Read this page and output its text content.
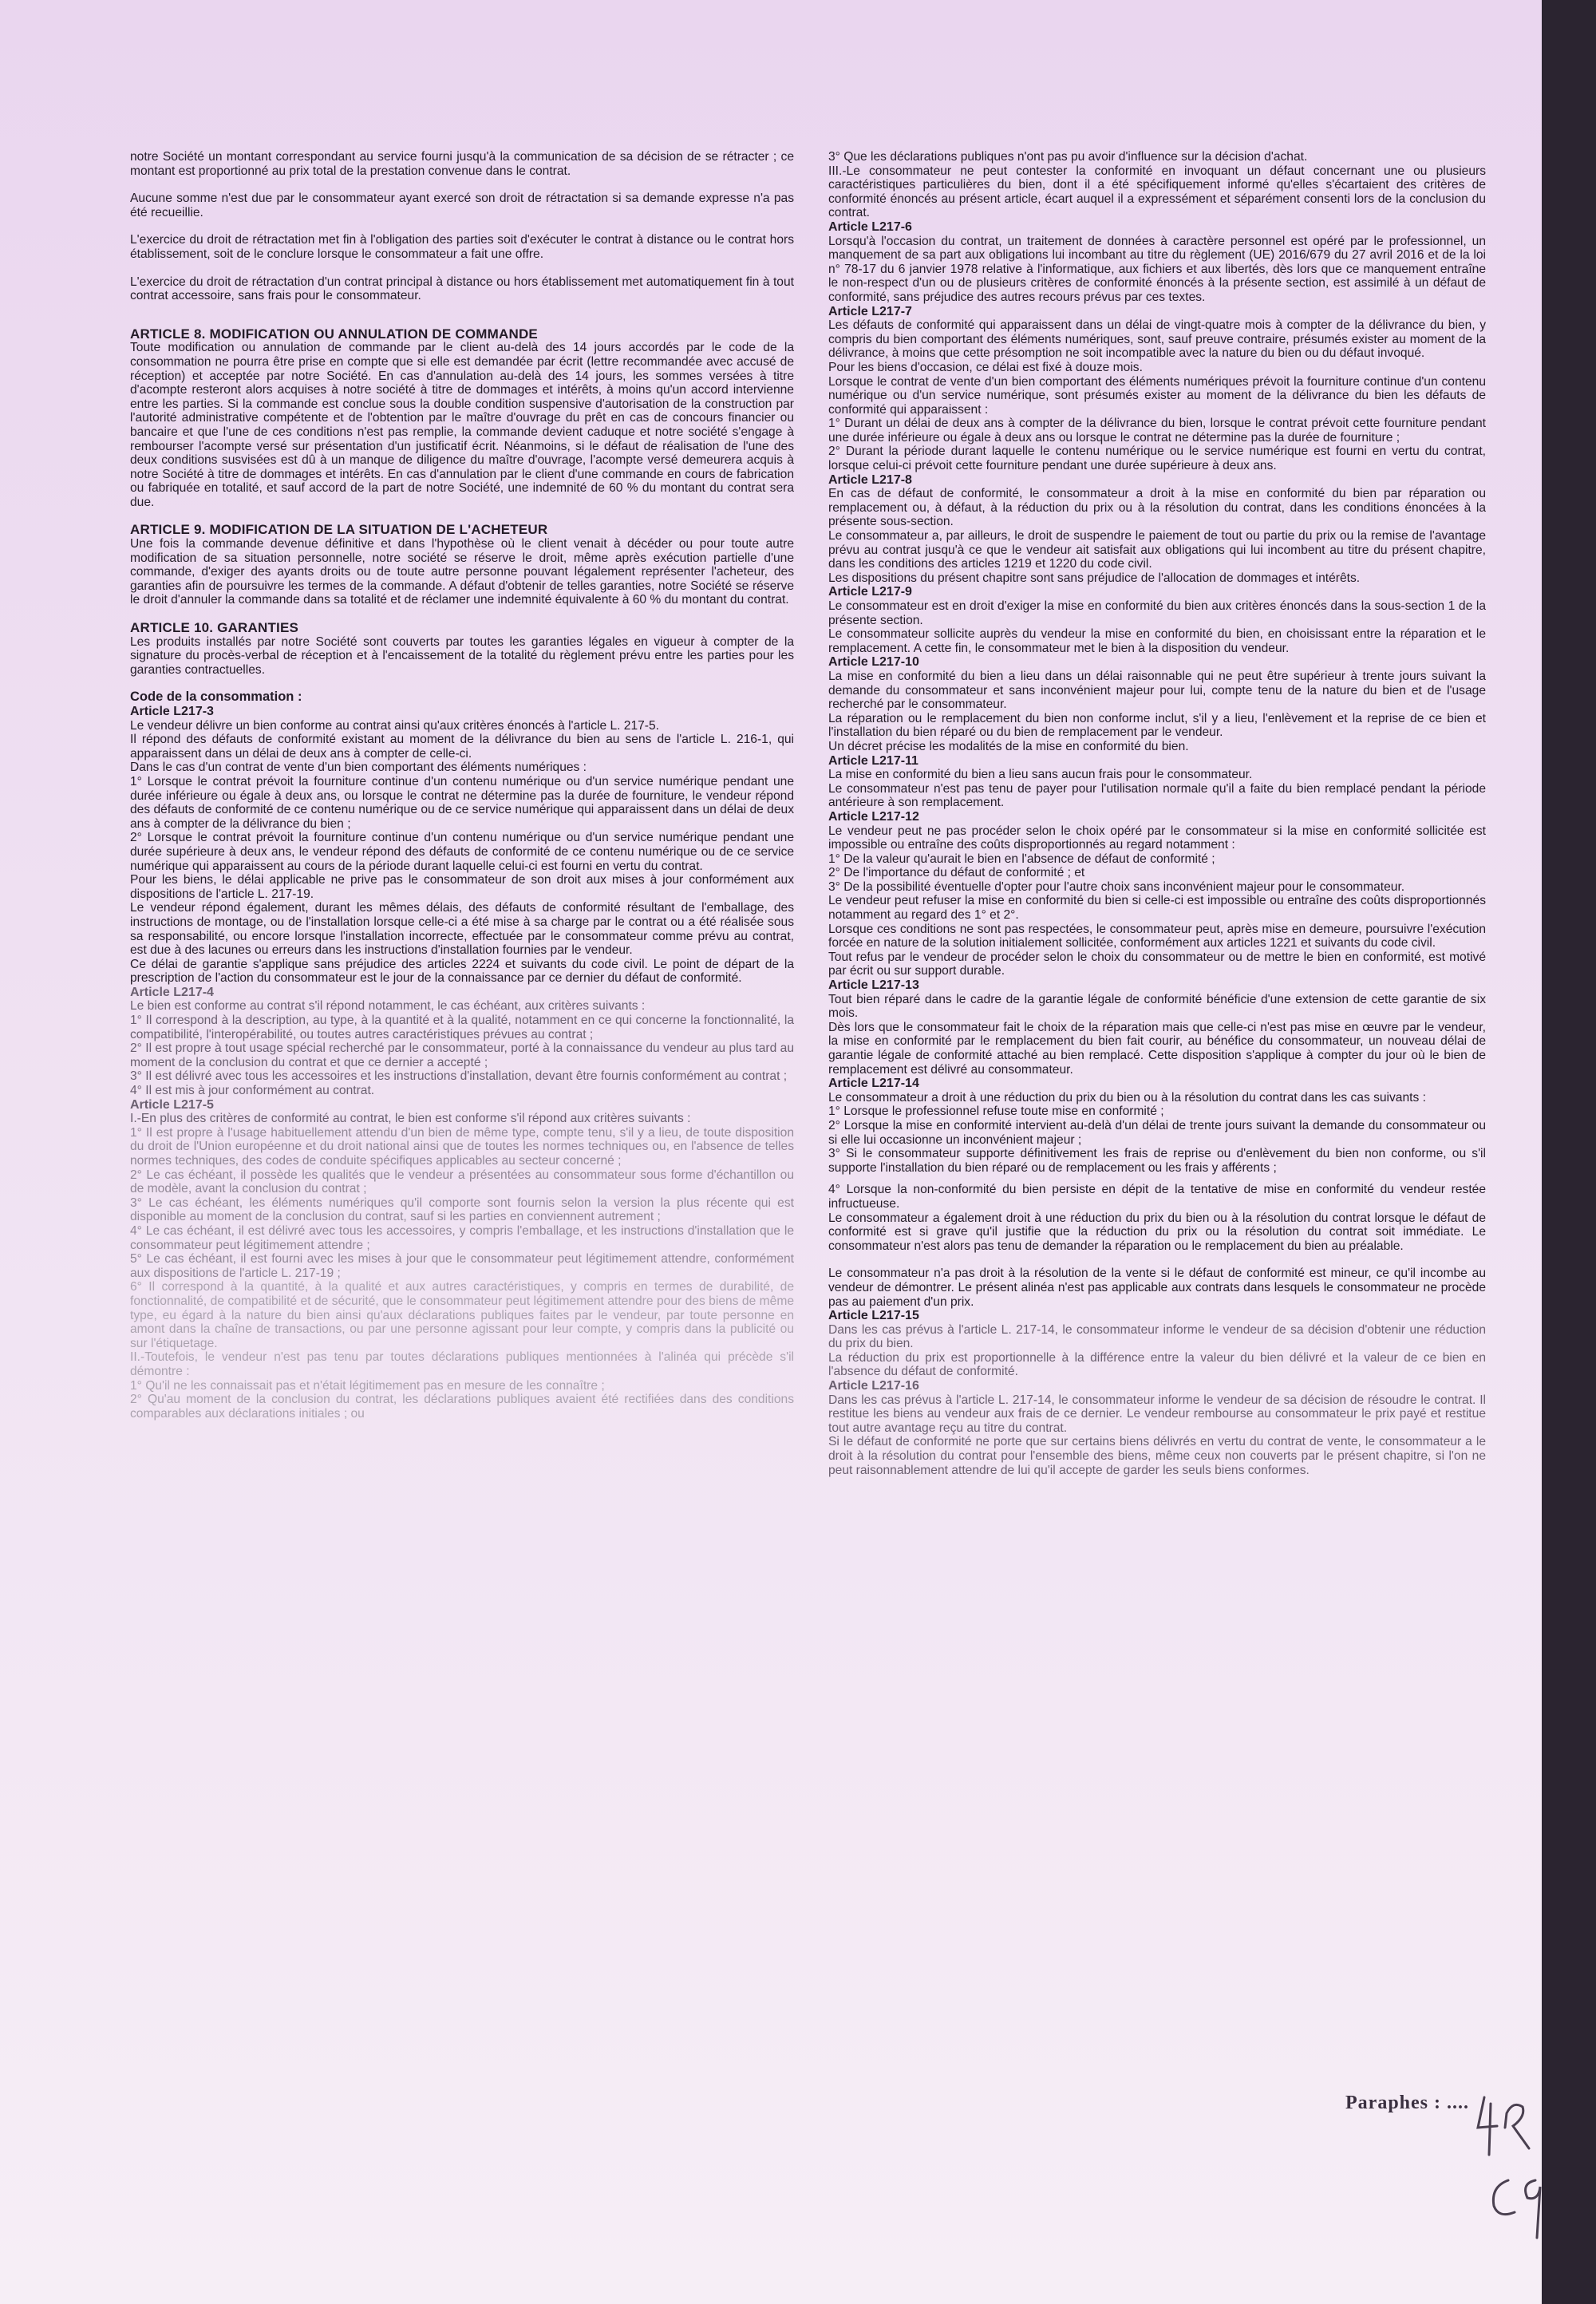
notre Société un montant correspondant au service fourni jusqu'à la communication de sa décision de se rétracter ; ce montant est proportionné au prix total de la prestation convenue dans le contrat.

Aucune somme n'est due par le consommateur ayant exercé son droit de rétractation si sa demande expresse n'a pas été recueillie.

L'exercice du droit de rétractation met fin à l'obligation des parties soit d'exécuter le contrat à distance ou le contrat hors établissement, soit de le conclure lorsque le consommateur a fait une offre.

L'exercice du droit de rétractation d'un contrat principal à distance ou hors établissement met automatiquement fin à tout contrat accessoire, sans frais pour le consommateur.

ARTICLE 8. MODIFICATION OU ANNULATION DE COMMANDE

Toute modification ou annulation de commande par le client au-delà des 14 jours accordés par le code de la consommation ne pourra être prise en compte que si elle est demandée par écrit (lettre recommandée avec accusé de réception) et acceptée par notre Société. En cas d'annulation au-delà des 14 jours, les sommes versées à titre d'acompte resteront alors acquises à notre société à titre de dommages et intérêts, à moins qu'un accord intervienne entre les parties. Si la commande est conclue sous la double condition suspensive d'autorisation de la construction par l'autorité administrative compétente et de l'obtention par le maître d'ouvrage du prêt en cas de concours financier ou bancaire et que l'une de ces conditions n'est pas remplie, la commande devient caduque et notre société s'engage à rembourser l'acompte versé sur présentation d'un justificatif écrit. Néanmoins, si le défaut de réalisation de l'une des deux conditions susvisées est dû à un manque de diligence du maître d'ouvrage, l'acompte versé demeurera acquis à notre Société à titre de dommages et intérêts. En cas d'annulation par le client d'une commande en cours de fabrication ou fabriquée en totalité, et sauf accord de la part de notre Société, une indemnité de 60 % du montant du contrat sera due.

ARTICLE 9. MODIFICATION DE LA SITUATION DE L'ACHETEUR

Une fois la commande devenue définitive et dans l'hypothèse où le client venait à décéder ou pour toute autre modification de sa situation personnelle, notre société se réserve le droit, même après exécution partielle d'une commande, d'exiger des ayants droits ou de toute autre personne pouvant légalement représenter l'acheteur, des garanties afin de poursuivre les termes de la commande. A défaut d'obtenir de telles garanties, notre Société se réserve le droit d'annuler la commande dans sa totalité et de réclamer une indemnité équivalente à 60 % du montant du contrat.

ARTICLE 10. GARANTIES

Les produits installés par notre Société sont couverts par toutes les garanties légales en vigueur à compter de la signature du procès-verbal de réception et à l'encaissement de la totalité du règlement prévu entre les parties pour les garanties contractuelles.

Code de la consommation :

Article L217-3

Le vendeur délivre un bien conforme au contrat ainsi qu'aux critères énoncés à l'article L. 217-5.

Il répond des défauts de conformité existant au moment de la délivrance du bien au sens de l'article L. 216-1, qui apparaissent dans un délai de deux ans à compter de celle-ci.

Dans le cas d'un contrat de vente d'un bien comportant des éléments numériques :

1° Lorsque le contrat prévoit la fourniture continue d'un contenu numérique ou d'un service numérique pendant une durée inférieure ou égale à deux ans, ou lorsque le contrat ne détermine pas la durée de fourniture, le vendeur répond des défauts de conformité de ce contenu numérique ou de ce service numérique qui apparaissent dans un délai de deux ans à compter de la délivrance du bien ;

2° Lorsque le contrat prévoit la fourniture continue d'un contenu numérique ou d'un service numérique pendant une durée supérieure à deux ans, le vendeur répond des défauts de conformité de ce contenu numérique ou de ce service numérique qui apparaissent au cours de la période durant laquelle celui-ci est fourni en vertu du contrat.

Pour les biens, le délai applicable ne prive pas le consommateur de son droit aux mises à jour conformément aux dispositions de l'article L. 217-19.

Le vendeur répond également, durant les mêmes délais, des défauts de conformité résultant de l'emballage, des instructions de montage, ou de l'installation lorsque celle-ci a été mise à sa charge par le contrat ou a été réalisée sous sa responsabilité, ou encore lorsque l'installation incorrecte, effectuée par le consommateur comme prévu au contrat, est due à des lacunes ou erreurs dans les instructions d'installation fournies par le vendeur.

Ce délai de garantie s'applique sans préjudice des articles 2224 et suivants du code civil. Le point de départ de la prescription de l'action du consommateur est le jour de la connaissance par ce dernier du défaut de conformité.

Article L217-4

Le bien est conforme au contrat s'il répond notamment, le cas échéant, aux critères suivants :

1° Il correspond à la description, au type, à la quantité et à la qualité, notamment en ce qui concerne la fonctionnalité, la compatibilité, l'interopérabilité, ou toutes autres caractéristiques prévues au contrat ;

2° Il est propre à tout usage spécial recherché par le consommateur, porté à la connaissance du vendeur au plus tard au moment de la conclusion du contrat et que ce dernier a accepté ;

3° Il est délivré avec tous les accessoires et les instructions d'installation, devant être fournis conformément au contrat ;

4° Il est mis à jour conformément au contrat.

Article L217-5

I.-En plus des critères de conformité au contrat, le bien est conforme s'il répond aux critères suivants :

1° Il est propre à l'usage habituellement attendu d'un bien de même type, compte tenu, s'il y a lieu, de toute disposition du droit de l'Union européenne et du droit national ainsi que de toutes les normes techniques ou, en l'absence de telles normes techniques, des codes de conduite spécifiques applicables au secteur concerné ;

2° Le cas échéant, il possède les qualités que le vendeur a présentées au consommateur sous forme d'échantillon ou de modèle, avant la conclusion du contrat ;

3° Le cas échéant, les éléments numériques qu'il comporte sont fournis selon la version la plus récente qui est disponible au moment de la conclusion du contrat, sauf si les parties en conviennent autrement ;

4° Le cas échéant, il est délivré avec tous les accessoires, y compris l'emballage, et les instructions d'installation que le consommateur peut légitimement attendre ;

5° Le cas échéant, il est fourni avec les mises à jour que le consommateur peut légitimement attendre, conformément aux dispositions de l'article L. 217-19 ;

6° Il correspond à la quantité, à la qualité et aux autres caractéristiques, y compris en termes de durabilité, de fonctionnalité, de compatibilité et de sécurité, que le consommateur peut légitimement attendre pour des biens de même type, eu égard à la nature du bien ainsi qu'aux déclarations publiques faites par le vendeur, par toute personne en amont dans la chaîne de transactions, ou par une personne agissant pour leur compte, y compris dans la publicité ou sur l'étiquetage.

II.-Toutefois, le vendeur n'est pas tenu par toutes déclarations publiques mentionnées à l'alinéa qui précède s'il démontre :

1° Qu'il ne les connaissait pas et n'était légitimement pas en mesure de les connaître ;

2° Qu'au moment de la conclusion du contrat, les déclarations publiques avaient été rectifiées dans des conditions comparables aux déclarations initiales ; ou

3° Que les déclarations publiques n'ont pas pu avoir d'influence sur la décision d'achat.

III.-Le consommateur ne peut contester la conformité en invoquant un défaut concernant une ou plusieurs caractéristiques particulières du bien, dont il a été spécifiquement informé qu'elles s'écartaient des critères de conformité énoncés au présent article, écart auquel il a expressément et séparément consenti lors de la conclusion du contrat.

Article L217-6

Lorsqu'à l'occasion du contrat, un traitement de données à caractère personnel est opéré par le professionnel, un manquement de sa part aux obligations lui incombant au titre du règlement (UE) 2016/679 du 27 avril 2016 et de la loi n° 78-17 du 6 janvier 1978 relative à l'informatique, aux fichiers et aux libertés, dès lors que ce manquement entraîne le non-respect d'un ou de plusieurs critères de conformité énoncés à la présente section, est assimilé à un défaut de conformité, sans préjudice des autres recours prévus par ces textes.

Article L217-7

Les défauts de conformité qui apparaissent dans un délai de vingt-quatre mois à compter de la délivrance du bien, y compris du bien comportant des éléments numériques, sont, sauf preuve contraire, présumés exister au moment de la délivrance, à moins que cette présomption ne soit incompatible avec la nature du bien ou du défaut invoqué.

Pour les biens d'occasion, ce délai est fixé à douze mois.

Lorsque le contrat de vente d'un bien comportant des éléments numériques prévoit la fourniture continue d'un contenu numérique ou d'un service numérique, sont présumés exister au moment de la délivrance du bien les défauts de conformité qui apparaissent :

1° Durant un délai de deux ans à compter de la délivrance du bien, lorsque le contrat prévoit cette fourniture pendant une durée inférieure ou égale à deux ans ou lorsque le contrat ne détermine pas la durée de fourniture ;

2° Durant la période durant laquelle le contenu numérique ou le service numérique est fourni en vertu du contrat, lorsque celui-ci prévoit cette fourniture pendant une durée supérieure à deux ans.

Article L217-8

En cas de défaut de conformité, le consommateur a droit à la mise en conformité du bien par réparation ou remplacement ou, à défaut, à la réduction du prix ou à la résolution du contrat, dans les conditions énoncées à la présente sous-section.

Le consommateur a, par ailleurs, le droit de suspendre le paiement de tout ou partie du prix ou la remise de l'avantage prévu au contrat jusqu'à ce que le vendeur ait satisfait aux obligations qui lui incombent au titre du présent chapitre, dans les conditions des articles 1219 et 1220 du code civil.

Les dispositions du présent chapitre sont sans préjudice de l'allocation de dommages et intérêts.

Article L217-9

Le consommateur est en droit d'exiger la mise en conformité du bien aux critères énoncés dans la sous-section 1 de la présente section.

Le consommateur sollicite auprès du vendeur la mise en conformité du bien, en choisissant entre la réparation et le remplacement. A cette fin, le consommateur met le bien à la disposition du vendeur.

Article L217-10

La mise en conformité du bien a lieu dans un délai raisonnable qui ne peut être supérieur à trente jours suivant la demande du consommateur et sans inconvénient majeur pour lui, compte tenu de la nature du bien et de l'usage recherché par le consommateur.

La réparation ou le remplacement du bien non conforme inclut, s'il y a lieu, l'enlèvement et la reprise de ce bien et l'installation du bien réparé ou du bien de remplacement par le vendeur.

Un décret précise les modalités de la mise en conformité du bien.

Article L217-11

La mise en conformité du bien a lieu sans aucun frais pour le consommateur.

Le consommateur n'est pas tenu de payer pour l'utilisation normale qu'il a faite du bien remplacé pendant la période antérieure à son remplacement.

Article L217-12

Le vendeur peut ne pas procéder selon le choix opéré par le consommateur si la mise en conformité sollicitée est impossible ou entraîne des coûts disproportionnés au regard notamment :

1° De la valeur qu'aurait le bien en l'absence de défaut de conformité ;

2° De l'importance du défaut de conformité ; et

3° De la possibilité éventuelle d'opter pour l'autre choix sans inconvénient majeur pour le consommateur.

Le vendeur peut refuser la mise en conformité du bien si celle-ci est impossible ou entraîne des coûts disproportionnés notamment au regard des 1° et 2°.

Lorsque ces conditions ne sont pas respectées, le consommateur peut, après mise en demeure, poursuivre l'exécution forcée en nature de la solution initialement sollicitée, conformément aux articles 1221 et suivants du code civil.

Tout refus par le vendeur de procéder selon le choix du consommateur ou de mettre le bien en conformité, est motivé par écrit ou sur support durable.

Article L217-13

Tout bien réparé dans le cadre de la garantie légale de conformité bénéficie d'une extension de cette garantie de six mois.

Dès lors que le consommateur fait le choix de la réparation mais que celle-ci n'est pas mise en œuvre par le vendeur, la mise en conformité par le remplacement du bien fait courir, au bénéfice du consommateur, un nouveau délai de garantie légale de conformité attaché au bien remplacé. Cette disposition s'applique à compter du jour où le bien de remplacement est délivré au consommateur.

Article L217-14

Le consommateur a droit à une réduction du prix du bien ou à la résolution du contrat dans les cas suivants :

1° Lorsque le professionnel refuse toute mise en conformité ;

2° Lorsque la mise en conformité intervient au-delà d'un délai de trente jours suivant la demande du consommateur ou si elle lui occasionne un inconvénient majeur ;

3° Si le consommateur supporte définitivement les frais de reprise ou d'enlèvement du bien non conforme, ou s'il supporte l'installation du bien réparé ou de remplacement ou les frais y afférents ;

4° Lorsque la non-conformité du bien persiste en dépit de la tentative de mise en conformité du vendeur restée infructueuse.

Le consommateur a également droit à une réduction du prix du bien ou à la résolution du contrat lorsque le défaut de conformité est si grave qu'il justifie que la réduction du prix ou la résolution du contrat soit immédiate. Le consommateur n'est alors pas tenu de demander la réparation ou le remplacement du bien au préalable.

Le consommateur n'a pas droit à la résolution de la vente si le défaut de conformité est mineur, ce qu'il incombe au vendeur de démontrer. Le présent alinéa n'est pas applicable aux contrats dans lesquels le consommateur ne procède pas au paiement d'un prix.

Article L217-15

Dans les cas prévus à l'article L. 217-14, le consommateur informe le vendeur de sa décision d'obtenir une réduction du prix du bien.

La réduction du prix est proportionnelle à la différence entre la valeur du bien délivré et la valeur de ce bien en l'absence du défaut de conformité.

Article L217-16

Dans les cas prévus à l'article L. 217-14, le consommateur informe le vendeur de sa décision de résoudre le contrat. Il restitue les biens au vendeur aux frais de ce dernier. Le vendeur rembourse au consommateur le prix payé et restitue tout autre avantage reçu au titre du contrat.

Si le défaut de conformité ne porte que sur certains biens délivrés en vertu du contrat de vente, le consommateur a le droit à la résolution du contrat pour l'ensemble des biens, même ceux non couverts par le présent chapitre, si l'on ne peut raisonnablement attendre de lui qu'il accepte de garder les seuls biens conformes.

Paraphes : ....
